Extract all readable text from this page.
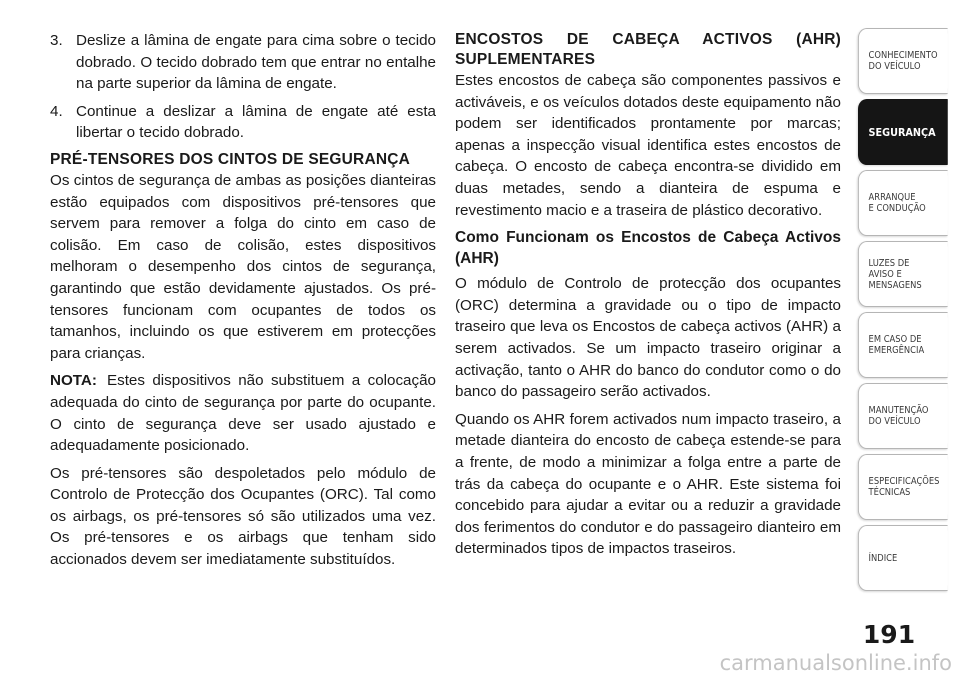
3. Deslize a lâmina de engate para cima sobre o tecido dobrado. O tecido dobrado tem que entrar no entalhe na parte superior da lâmina de engate.
4. Continue a deslizar a lâmina de engate até esta libertar o tecido dobrado.
PRÉ-TENSORES DOS CINTOS DE SEGURANÇA

Os cintos de segurança de ambas as posições dianteiras estão equipados com dispositivos pré-tensores que servem para remover a folga do cinto em caso de colisão. Em caso de colisão, estes dispositivos melhoram o desempenho dos cintos de segurança, garantindo que estão devidamente ajustados. Os pré-tensores funcionam com ocupantes de todos os tamanhos, incluindo os que estiverem em protecções para crianças.

NOTA: Estes dispositivos não substituem a colocação adequada do cinto de segurança por parte do ocupante. O cinto de segurança deve ser usado ajustado e adequadamente posicionado.

Os pré-tensores são despoletados pelo módulo de Controlo de Protecção dos Ocupantes (ORC). Tal como os airbags, os pré-tensores só são utilizados uma vez. Os pré-tensores e os airbags que tenham sido accionados devem ser imediatamente substituídos.

ENCOSTOS DE CABEÇA ACTIVOS (AHR) SUPLEMENTARES

Estes encostos de cabeça são componentes passivos e activáveis, e os veículos dotados deste equipamento não podem ser identificados prontamente por marcas; apenas a inspecção visual identifica estes encostos de cabeça. O encosto de cabeça encontra-se dividido em duas metades, sendo a dianteira de espuma e revestimento macio e a traseira de plástico decorativo.

Como Funcionam os Encostos de Cabeça Activos (AHR)

O módulo de Controlo de protecção dos ocupantes (ORC) determina a gravidade ou o tipo de impacto traseiro que leva os Encostos de cabeça activos (AHR) a serem activados. Se um impacto traseiro originar a activação, tanto o AHR do banco do condutor como o do banco do passageiro serão activados.

Quando os AHR forem activados num impacto traseiro, a metade dianteira do encosto de cabeça estende-se para a frente, de modo a minimizar a folga entre a parte de trás da cabeça do ocupante e o AHR. Este sistema foi concebido para ajudar a evitar ou a reduzir a gravidade dos ferimentos do condutor e do passageiro dianteiro em determinados tipos de impactos traseiros.

CONHECIMENTO
DO VEÍCULO
SEGURANÇA
ARRANQUE
E CONDUÇÃO
LUZES DE
AVISO E
MENSAGENS
EM CASO DE
EMERGÊNCIA
MANUTENÇÃO
DO VEÍCULO
ESPECIFICAÇÕES
TÉCNICAS
ÍNDICE
191
carmanualsonline.info
